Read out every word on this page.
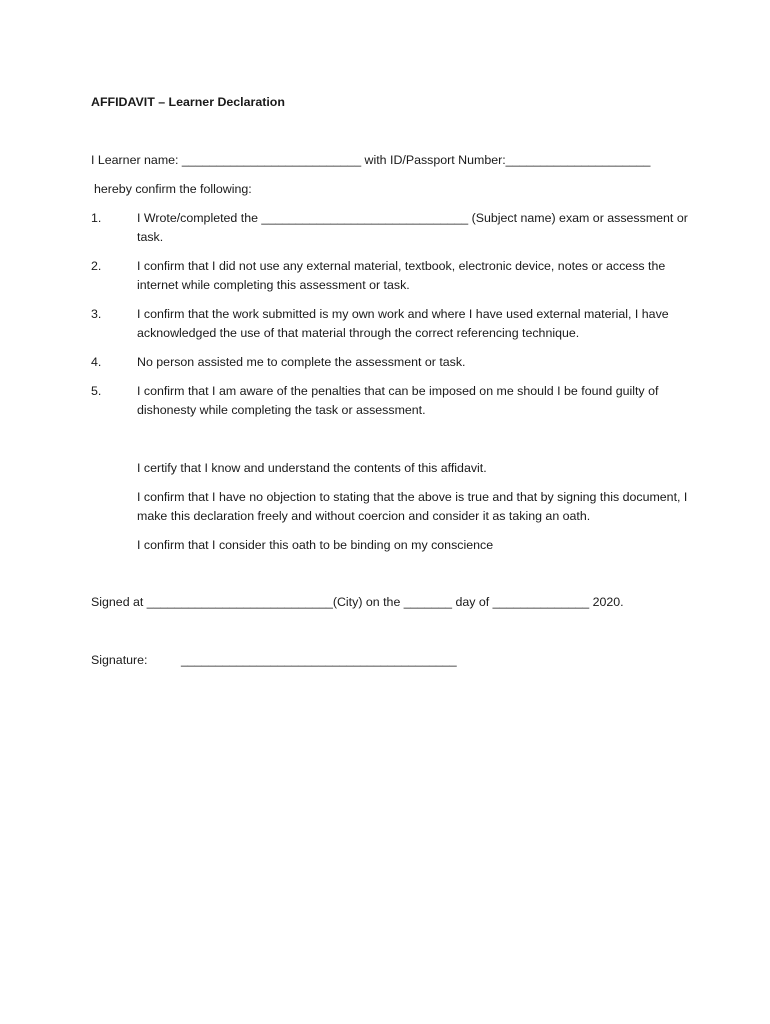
AFFIDAVIT – Learner Declaration
I Learner name: __________________________ with ID/Passport Number:_____________________
hereby confirm the following:
1.	I Wrote/completed the ______________________________ (Subject name) exam or assessment or task.
2.	I confirm that I did not use any external material, textbook, electronic device, notes or access the internet while completing this assessment or task.
3.	I confirm that the work submitted is my own work and where I have used external material, I have acknowledged the use of that material through the correct referencing technique.
4.	No person assisted me to complete the assessment or task.
5.	I confirm that I am aware of the penalties that can be imposed on me should I be found guilty of dishonesty while completing the task or assessment.
I certify that I know and understand the contents of this affidavit.
I confirm that I have no objection to stating that the above is true and that by signing this document, I make this declaration freely and without coercion and consider it as taking an oath.
I confirm that I consider this oath to be binding on my conscience
Signed at ___________________________(City) on the _______ day of ______________ 2020.
Signature:	________________________________________
